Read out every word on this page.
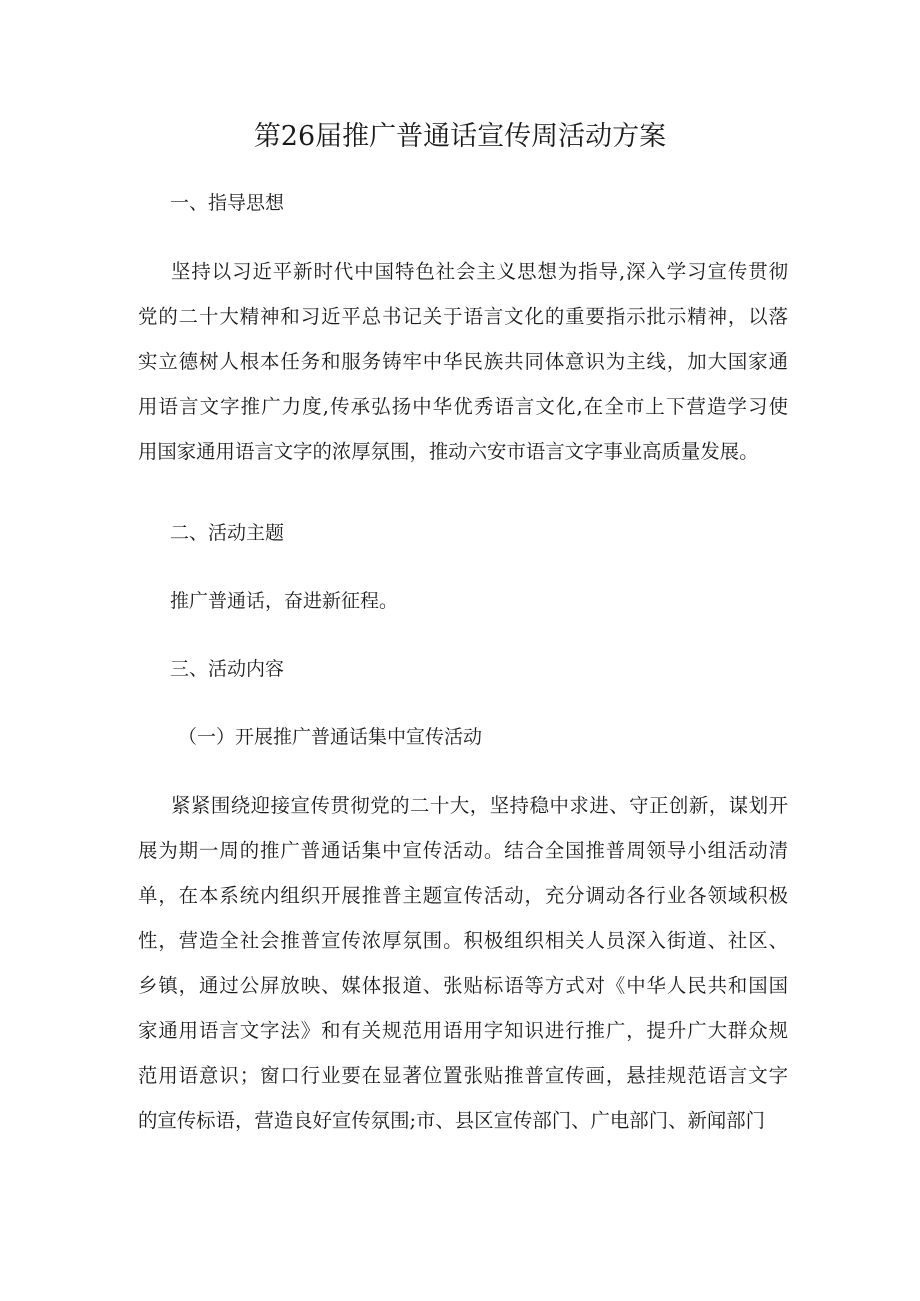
第26届推广普通话宣传周活动方案
一、指导思想
坚持以习近平新时代中国特色社会主义思想为指导,深入学习宣传贯彻
党的二十大精神和习近平总书记关于语言文化的重要指示批示精神，以落
实立德树人根本任务和服务铸牢中华民族共同体意识为主线，加大国家通
用语言文字推广力度,传承弘扬中华优秀语言文化,在全市上下营造学习使
用国家通用语言文字的浓厚氛围，推动六安市语言文字事业高质量发展。
二、活动主题
推广普通话，奋进新征程。
三、活动内容
（一）开展推广普通话集中宣传活动
紧紧围绕迎接宣传贯彻党的二十大，坚持稳中求进、守正创新，谋划开
展为期一周的推广普通话集中宣传活动。结合全国推普周领导小组活动清
单，在本系统内组织开展推普主题宣传活动，充分调动各行业各领域积极
性，营造全社会推普宣传浓厚氛围。积极组织相关人员深入街道、社区、
乡镇，通过公屏放映、媒体报道、张贴标语等方式对《中华人民共和国国
家通用语言文字法》和有关规范用语用字知识进行推广，提升广大群众规
范用语意识；窗口行业要在显著位置张贴推普宣传画，悬挂规范语言文字
的宣传标语，营造良好宣传氛围;市、县区宣传部门、广电部门、新闻部门
